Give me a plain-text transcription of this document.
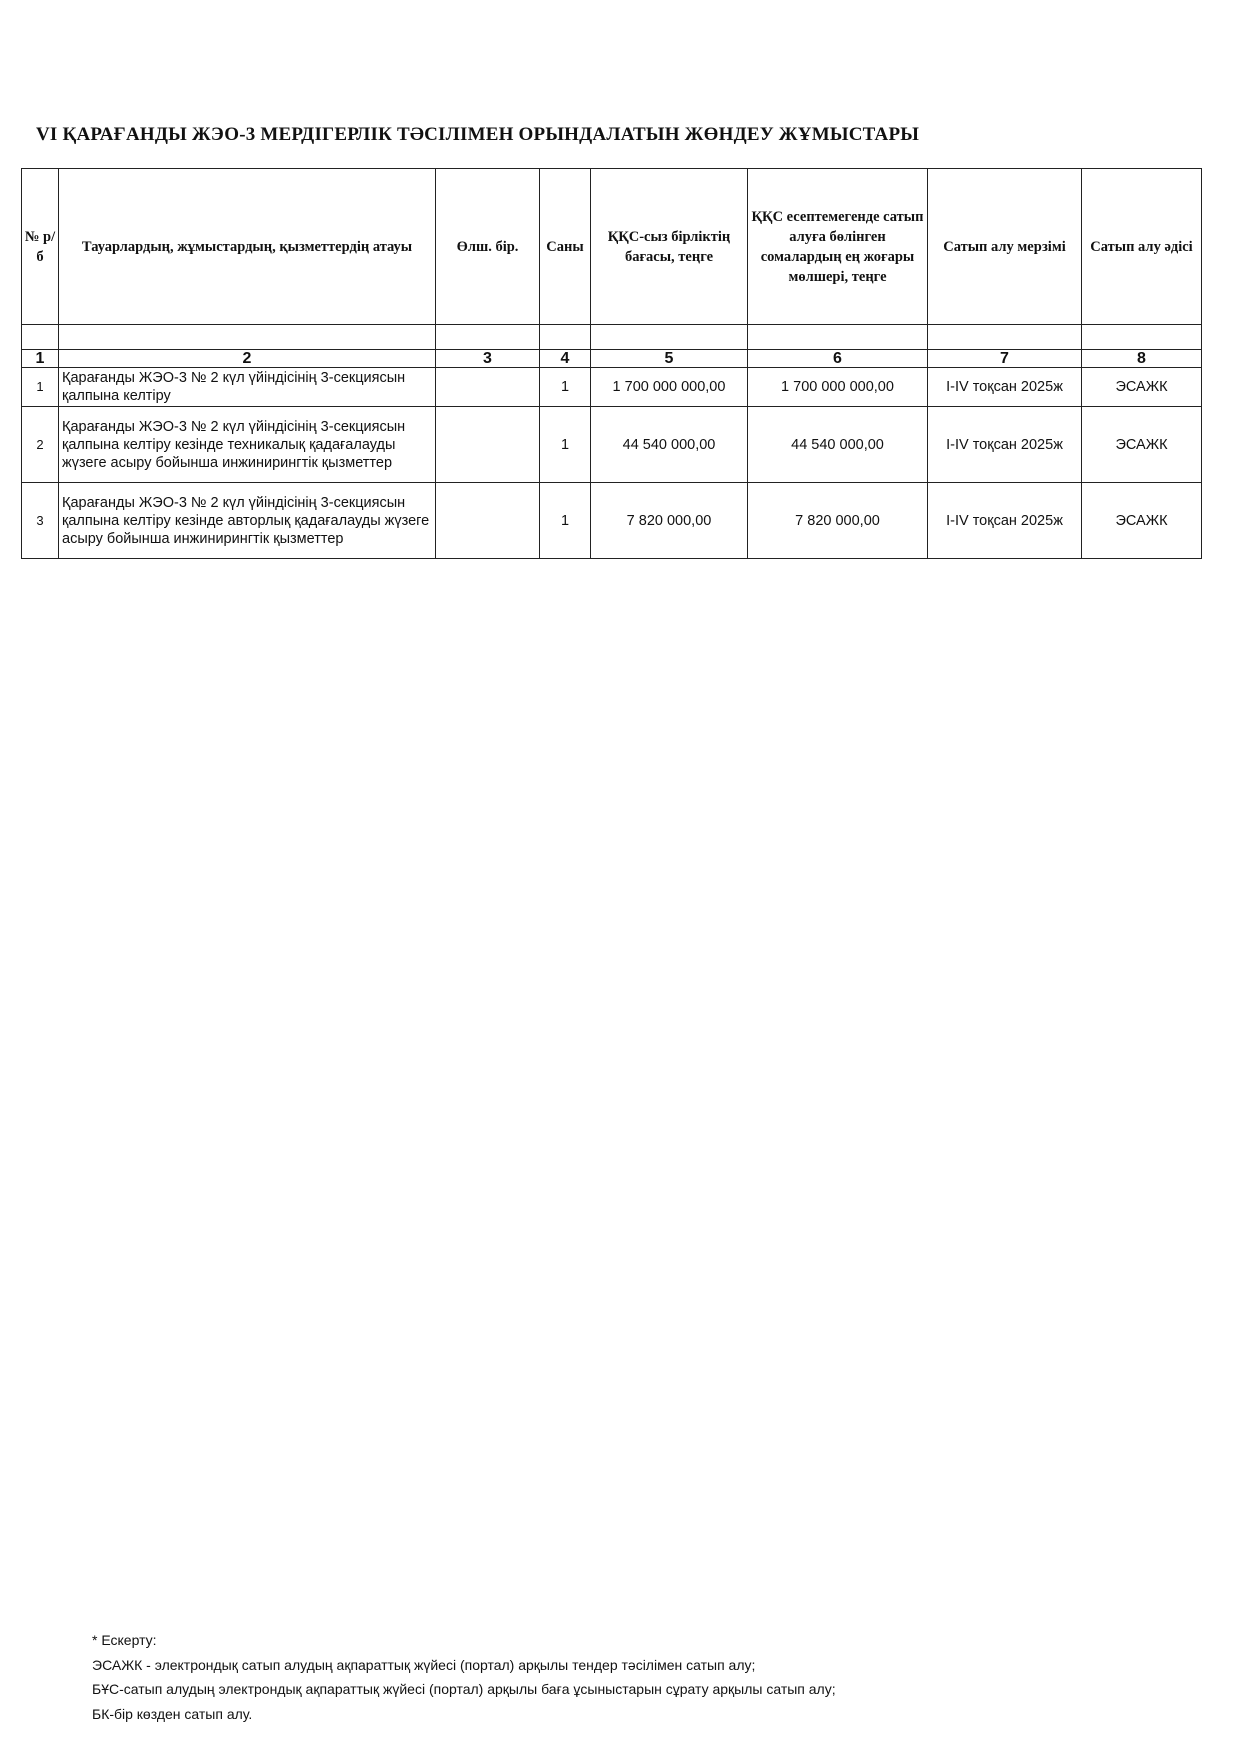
VI ҚАРАҒАНДЫ ЖЭО-3 МЕРДІГЕРЛІК ТӘСІЛІМЕН ОРЫНДАЛАТЫН ЖӨНДЕУ ЖҰМЫСТАРЫ
№ р/б	Тауарлардың, жұмыстардың, қызметтердің атауы	Өлш. бір.	Саны	ҚҚС-сыз бірліктің бағасы, теңге	ҚҚС есептемегенде сатып алуға бөлінген сомалардың ең жоғары мөлшері, теңге	Сатып алу мерзімі	Сатып алу әдісі

1	2	3	4	5	6	7	8
1	Қарағанды ЖЭО-3 № 2 күл үйіндісінің 3-секциясын қалпына келтіру		1	1 700 000 000,00	1 700 000 000,00	I-IV тоқсан 2025ж	ЭСАЖК
2	Қарағанды ЖЭО-3 № 2 күл үйіндісінің 3-секциясын қалпына келтіру кезінде техникалық қадағалауды жүзеге асыру бойынша инжинирингтік қызметтер		1	44 540 000,00	44 540 000,00	I-IV тоқсан 2025ж	ЭСАЖК
3	Қарағанды ЖЭО-3 № 2 күл үйіндісінің 3-секциясын қалпына келтіру кезінде авторлық қадағалауды жүзеге асыру бойынша инжинирингтік қызметтер		1	7 820 000,00	7 820 000,00	I-IV тоқсан 2025ж	ЭСАЖК
* Ескерту:
ЭСАЖК - электрондық сатып алудың ақпараттық жүйесі (портал) арқылы тендер тәсілімен сатып алу;
БҰС-сатып алудың электрондық ақпараттық жүйесі (портал) арқылы баға ұсыныстарын сұрату арқылы сатып алу;
БК-бір көзден сатып алу.
